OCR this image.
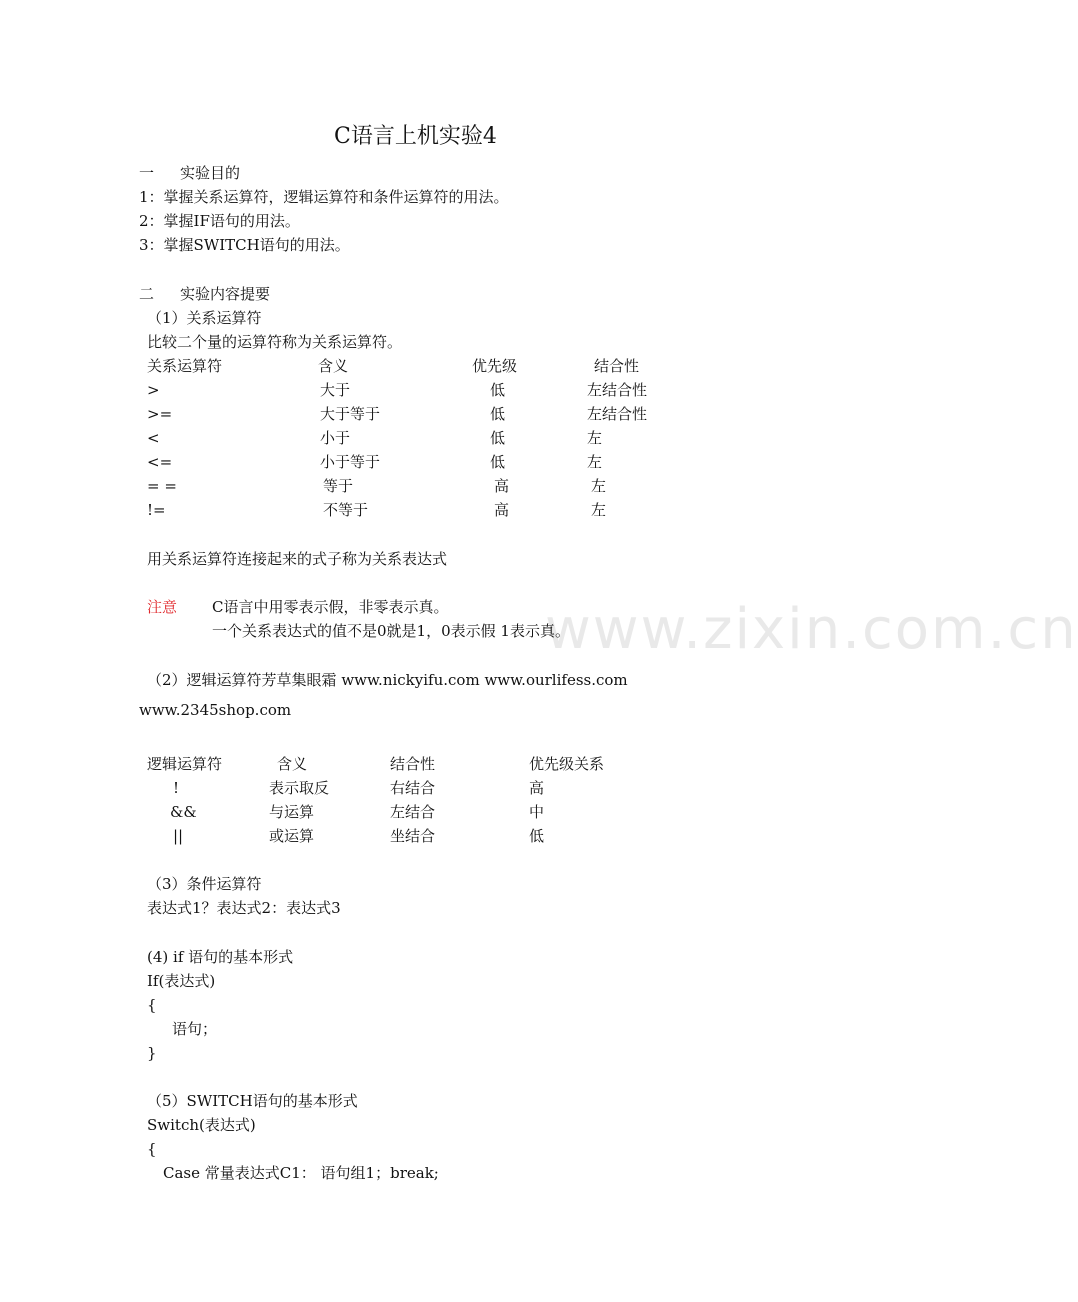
www.zixin.com.cn
C语言上机实验4
一 实验目的
1：掌握关系运算符，逻辑运算符和条件运算符的用法。
2：掌握IF语句的用法。
3：掌握SWITCH语句的用法。
二 实验内容提要
（1）关系运算符
比较二个量的运算符称为关系运算符。
关系运算符	含义	优先级	结合性
>	大于	低	左结合性
>=	大于等于	低	左结合性
<	小于	低	左
<=	小于等于	低	左
= =	等于	高	左
!=	不等于	高	左
用关系运算符连接起来的式子称为关系表达式
注意 C语言中用零表示假，非零表示真。
一个关系表达式的值不是0就是1，0表示假 1表示真。
（2）逻辑运算符芳草集眼霜 www.nickyifu.com www.ourlifess.com
www.2345shop.com
逻辑运算符	含义	结合性	优先级关系
!	表示取反	右结合	高
&&	与运算	左结合	中
||	或运算	坐结合	低
（3）条件运算符
表达式1？表达式2：表达式3
(4) if 语句的基本形式
If(表达式)
{
语句；
}
（5）SWITCH语句的基本形式
Switch(表达式)
{
Case 常量表达式C1： 语句组1；break;
